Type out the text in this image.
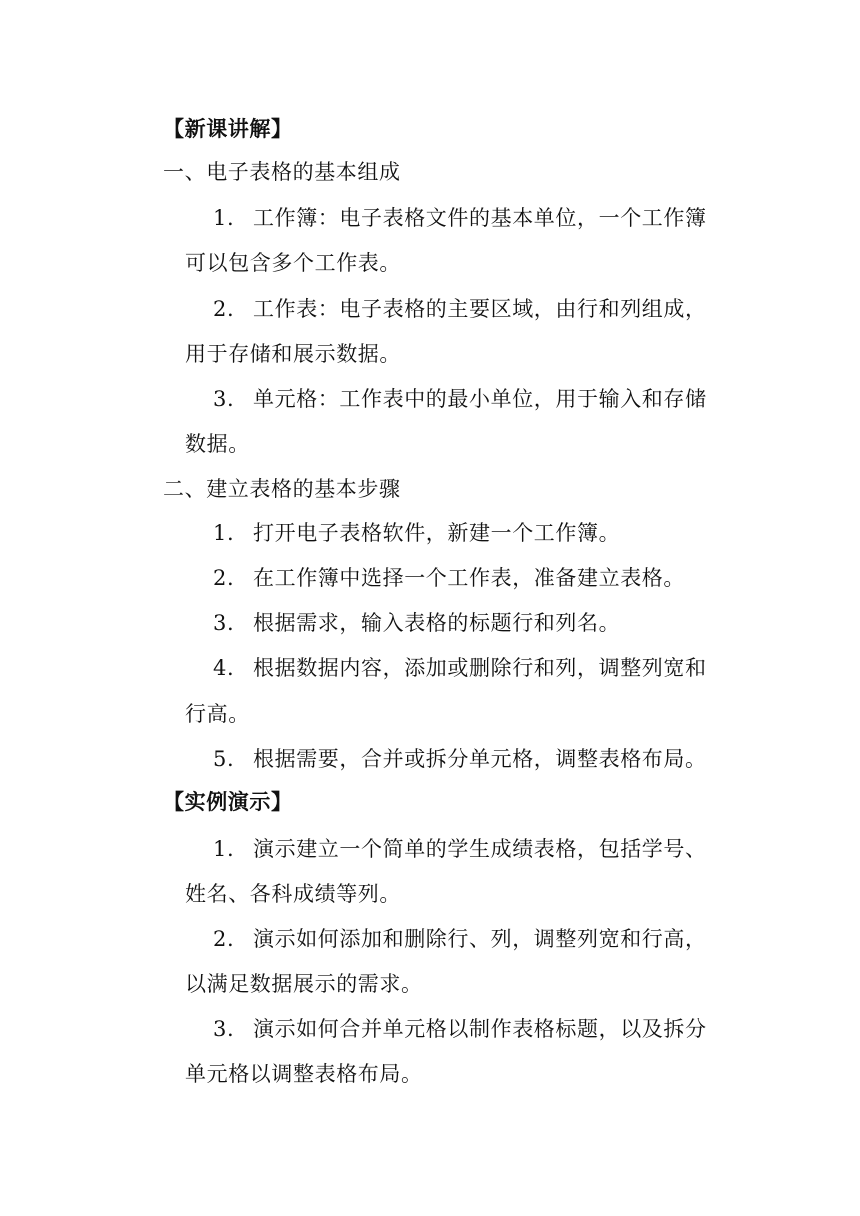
【新课讲解】
一、电子表格的基本组成
1. 工作簿：电子表格文件的基本单位，一个工作簿
可以包含多个工作表。
2. 工作表：电子表格的主要区域，由行和列组成，
用于存储和展示数据。
3. 单元格：工作表中的最小单位，用于输入和存储
数据。
二、建立表格的基本步骤
1. 打开电子表格软件，新建一个工作簿。
2. 在工作簿中选择一个工作表，准备建立表格。
3. 根据需求，输入表格的标题行和列名。
4. 根据数据内容，添加或删除行和列，调整列宽和
行高。
5. 根据需要，合并或拆分单元格，调整表格布局。
【实例演示】
1. 演示建立一个简单的学生成绩表格，包括学号、
姓名、各科成绩等列。
2. 演示如何添加和删除行、列，调整列宽和行高，
以满足数据展示的需求。
3. 演示如何合并单元格以制作表格标题，以及拆分
单元格以调整表格布局。
